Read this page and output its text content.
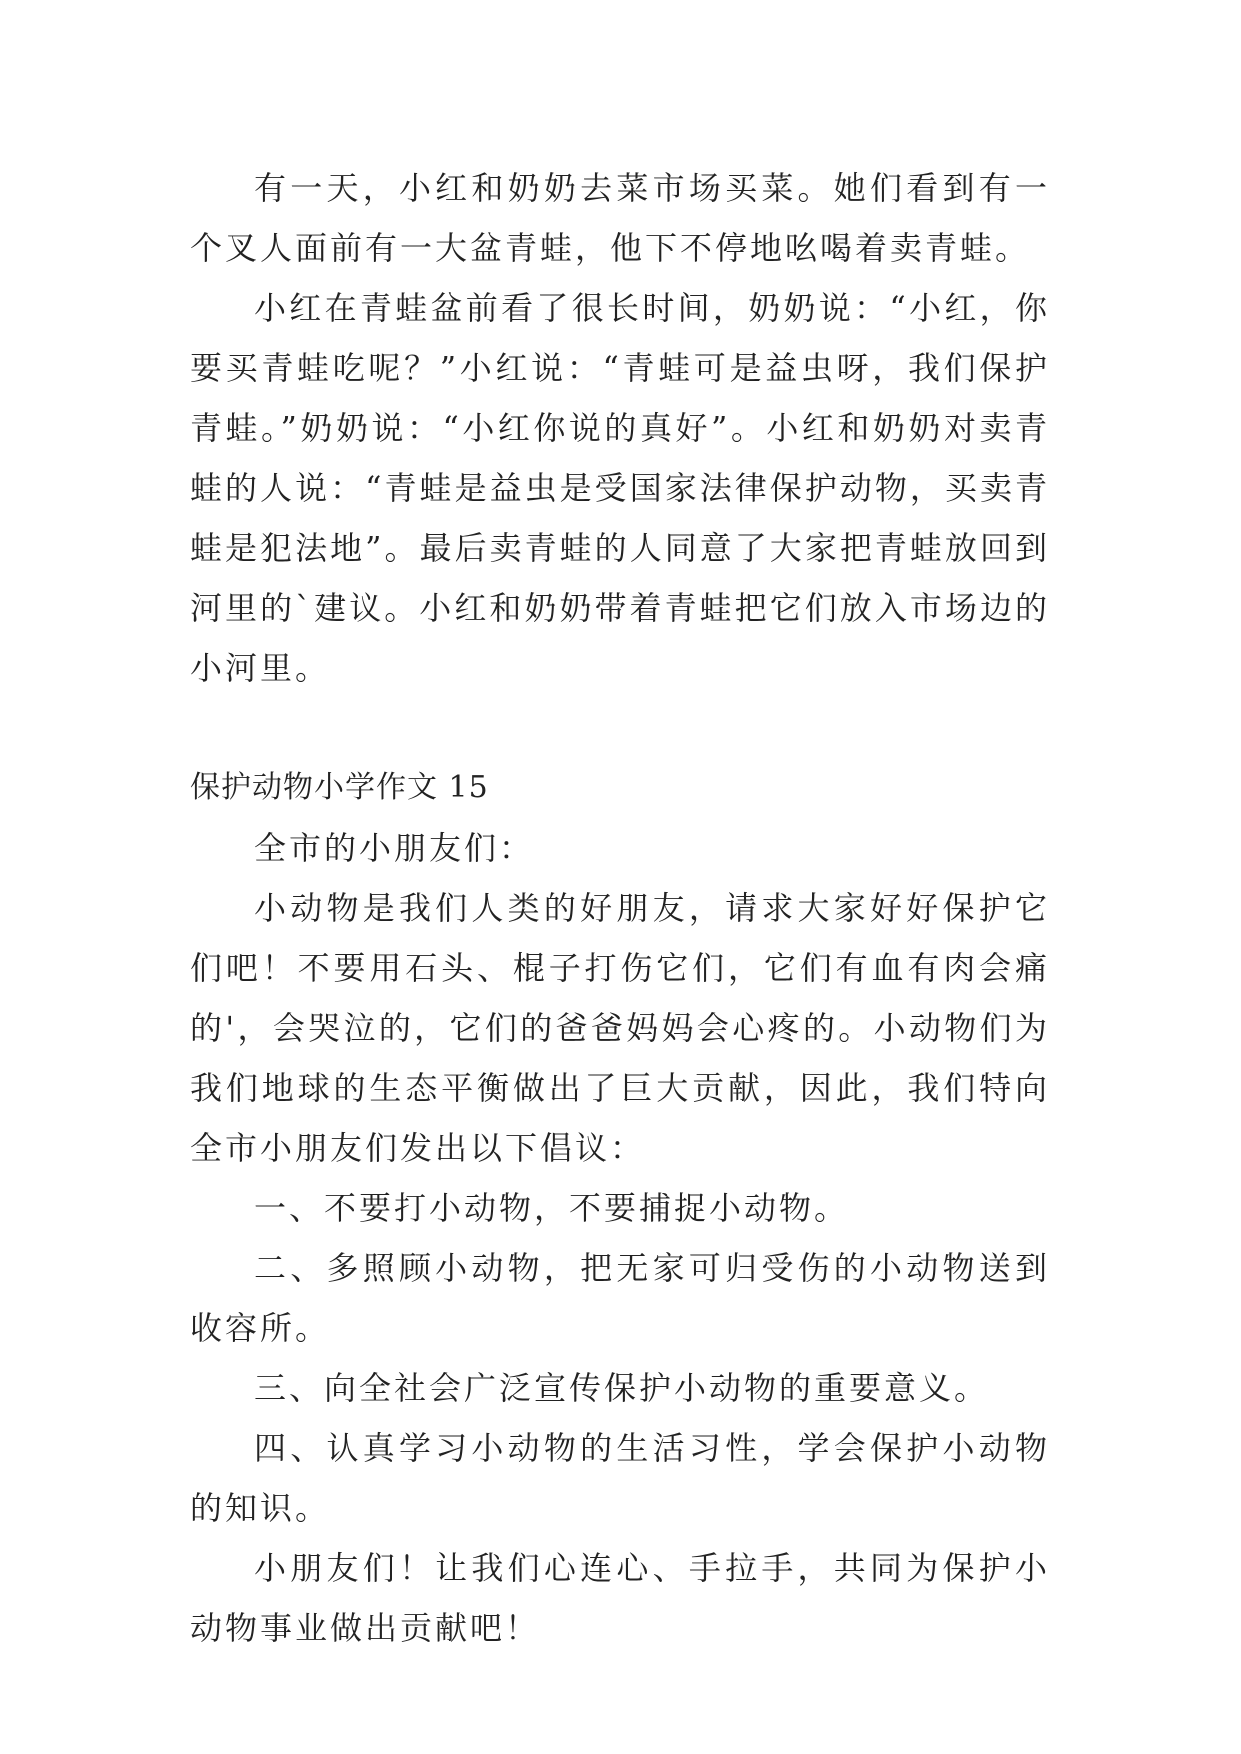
有一天，小红和奶奶去菜市场买菜。她们看到有一个叉人面前有一大盆青蛙，他下不停地吆喝着卖青蛙。

小红在青蛙盆前看了很长时间，奶奶说：“小红，你要买青蛙吃呢？”小红说：“青蛙可是益虫呀，我们保护青蛙。”奶奶说：“小红你说的真好”。小红和奶奶对卖青蛙的人说：“青蛙是益虫是受国家法律保护动物，买卖青蛙是犯法地”。最后卖青蛙的人同意了大家把青蛙放回到河里的`建议。小红和奶奶带着青蛙把它们放入市场边的小河里。

保护动物小学作文 15

全市的小朋友们：

小动物是我们人类的好朋友，请求大家好好保护它们吧！不要用石头、棍子打伤它们，它们有血有肉会痛的'，会哭泣的，它们的爸爸妈妈会心疼的。小动物们为我们地球的生态平衡做出了巨大贡献，因此，我们特向全市小朋友们发出以下倡议：

一、不要打小动物，不要捕捉小动物。

二、多照顾小动物，把无家可归受伤的小动物送到收容所。

三、向全社会广泛宣传保护小动物的重要意义。

四、认真学习小动物的生活习性，学会保护小动物的知识。

小朋友们！让我们心连心、手拉手，共同为保护小动物事业做出贡献吧！
